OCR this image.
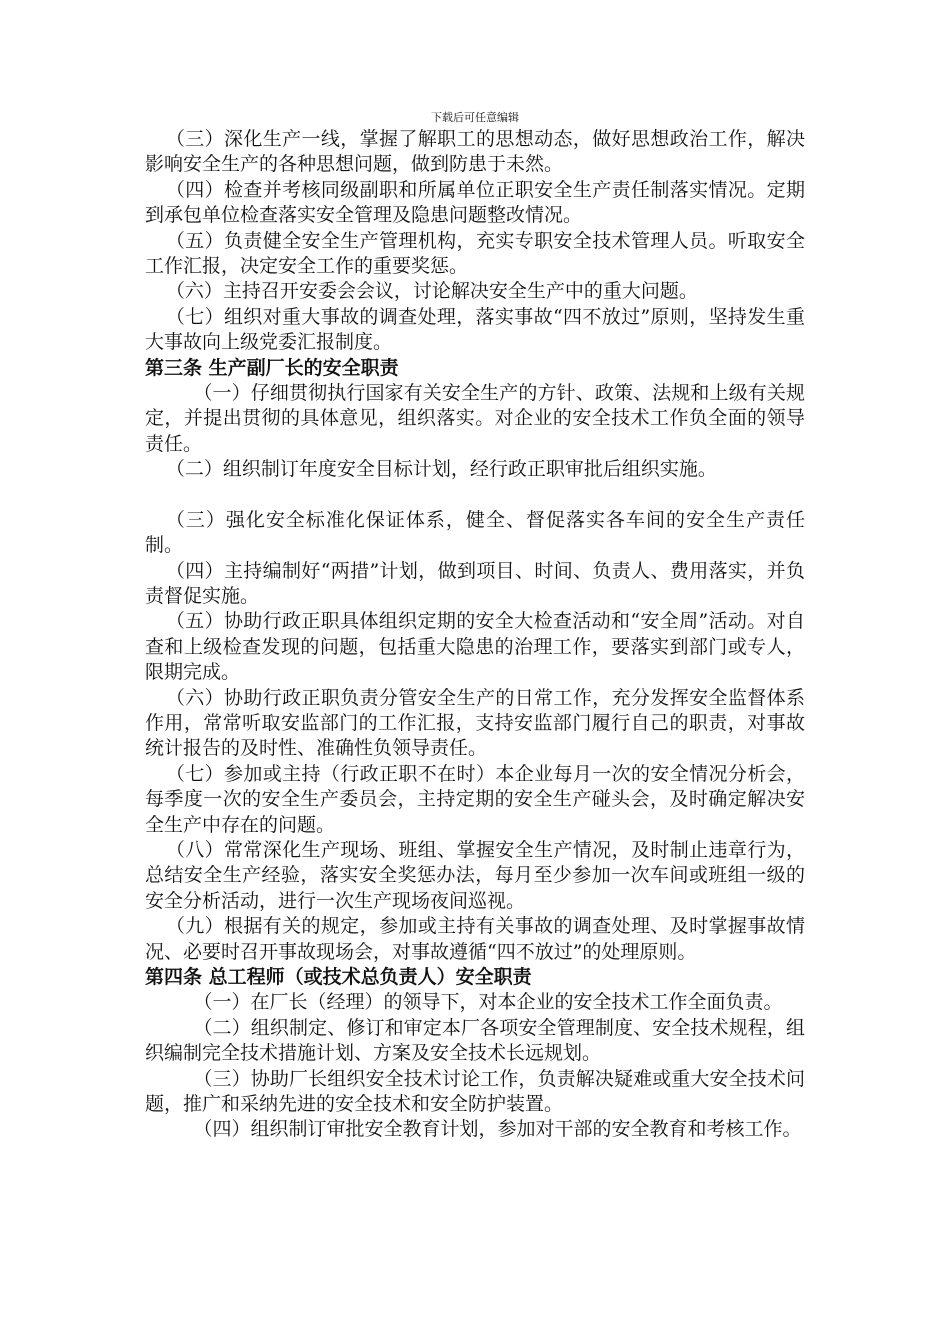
下载后可任意编辑

（三）深化生产一线，掌握了解职工的思想动态，做好思想政治工作，解决影响安全生产的各种思想问题，做到防患于未然。

（四）检查并考核同级副职和所属单位正职安全生产责任制落实情况。定期到承包单位检查落实安全管理及隐患问题整改情况。

（五）负责健全安全生产管理机构，充实专职安全技术管理人员。听取安全工作汇报，决定安全工作的重要奖惩。

（六）主持召开安委会会议，讨论解决安全生产中的重大问题。

（七）组织对重大事故的调查处理，落实事故“四不放过”原则，坚持发生重大事故向上级党委汇报制度。

第三条 生产副厂长的安全职责

（一）仔细贯彻执行国家有关安全生产的方针、政策、法规和上级有关规定，并提出贯彻的具体意见，组织落实。对企业的安全技术工作负全面的领导责任。

（二）组织制订年度安全目标计划，经行政正职审批后组织实施。

（三）强化安全标准化保证体系，健全、督促落实各车间的安全生产责任制。

（四）主持编制好“两措”计划，做到项目、时间、负责人、费用落实，并负责督促实施。

（五）协助行政正职具体组织定期的安全大检查活动和“安全周”活动。对自查和上级检查发现的问题，包括重大隐患的治理工作，要落实到部门或专人，限期完成。

（六）协助行政正职负责分管安全生产的日常工作，充分发挥安全监督体系作用，常常听取安监部门的工作汇报，支持安监部门履行自己的职责，对事故统计报告的及时性、准确性负领导责任。

（七）参加或主持（行政正职不在时）本企业每月一次的安全情况分析会，每季度一次的安全生产委员会，主持定期的安全生产碰头会，及时确定解决安全生产中存在的问题。

（八）常常深化生产现场、班组、掌握安全生产情况，及时制止违章行为，总结安全生产经验，落实安全奖惩办法，每月至少参加一次车间或班组一级的安全分析活动，进行一次生产现场夜间巡视。

（九）根据有关的规定，参加或主持有关事故的调查处理、及时掌握事故情况、必要时召开事故现场会，对事故遵循“四不放过”的处理原则。

第四条 总工程师（或技术总负责人）安全职责

（一）在厂长（经理）的领导下，对本企业的安全技术工作全面负责。

（二）组织制定、修订和审定本厂各项安全管理制度、安全技术规程，组织编制完全技术措施计划、方案及安全技术长远规划。

（三）协助厂长组织安全技术讨论工作，负责解决疑难或重大安全技术问题，推广和采纳先进的安全技术和安全防护装置。

（四）组织制订审批安全教育计划，参加对干部的安全教育和考核工作。
